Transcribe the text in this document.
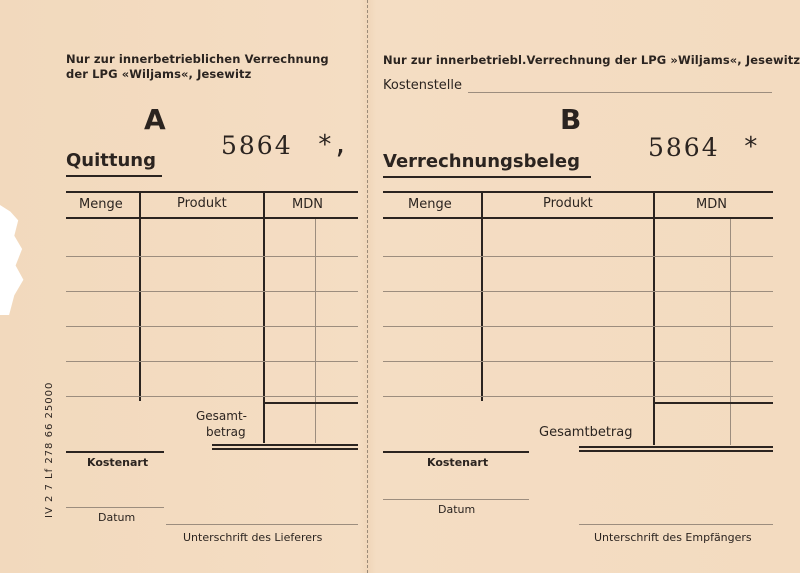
Nur zur innerbetrieblichen Verrechnung
der LPG «Wiljams«, Jesewitz
A
5864 *,
Quittung
Menge	Produkt	MDN
Gesamt-
betrag
Kostenart
Datum
Unterschrift des Lieferers
IV 2 7 Lf 278 66 25000
Nur zur innerbetriebl.Verrechnung der LPG »Wiljams«, Jesewitz
Kostenstelle
B
5864 *
Verrechnungsbeleg
Menge	Produkt	MDN
Gesamtbetrag
Kostenart
Datum
Unterschrift des Empfängers
